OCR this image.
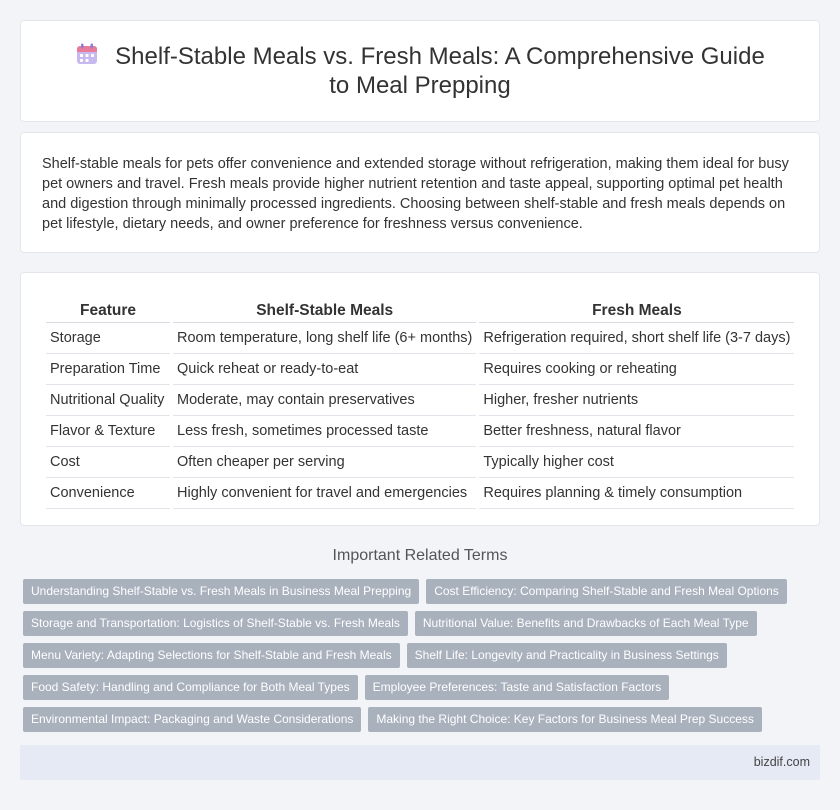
Shelf-Stable Meals vs. Fresh Meals: A Comprehensive Guide to Meal Prepping

Shelf-stable meals for pets offer convenience and extended storage without refrigeration, making them ideal for busy pet owners and travel. Fresh meals provide higher nutrient retention and taste appeal, supporting optimal pet health and digestion through minimally processed ingredients. Choosing between shelf-stable and fresh meals depends on pet lifestyle, dietary needs, and owner preference for freshness versus convenience.

Feature	Shelf-Stable Meals	Fresh Meals
Storage	Room temperature, long shelf life (6+ months)	Refrigeration required, short shelf life (3-7 days)
Preparation Time	Quick reheat or ready-to-eat	Requires cooking or reheating
Nutritional Quality	Moderate, may contain preservatives	Higher, fresher nutrients
Flavor & Texture	Less fresh, sometimes processed taste	Better freshness, natural flavor
Cost	Often cheaper per serving	Typically higher cost
Convenience	Highly convenient for travel and emergencies	Requires planning & timely consumption
Important Related Terms
Understanding Shelf-Stable vs. Fresh Meals in Business Meal Prepping	Cost Efficiency: Comparing Shelf-Stable and Fresh Meal Options
Storage and Transportation: Logistics of Shelf-Stable vs. Fresh Meals	Nutritional Value: Benefits and Drawbacks of Each Meal Type
Menu Variety: Adapting Selections for Shelf-Stable and Fresh Meals	Shelf Life: Longevity and Practicality in Business Settings
Food Safety: Handling and Compliance for Both Meal Types	Employee Preferences: Taste and Satisfaction Factors
Environmental Impact: Packaging and Waste Considerations	Making the Right Choice: Key Factors for Business Meal Prep Success
bizdif.com
